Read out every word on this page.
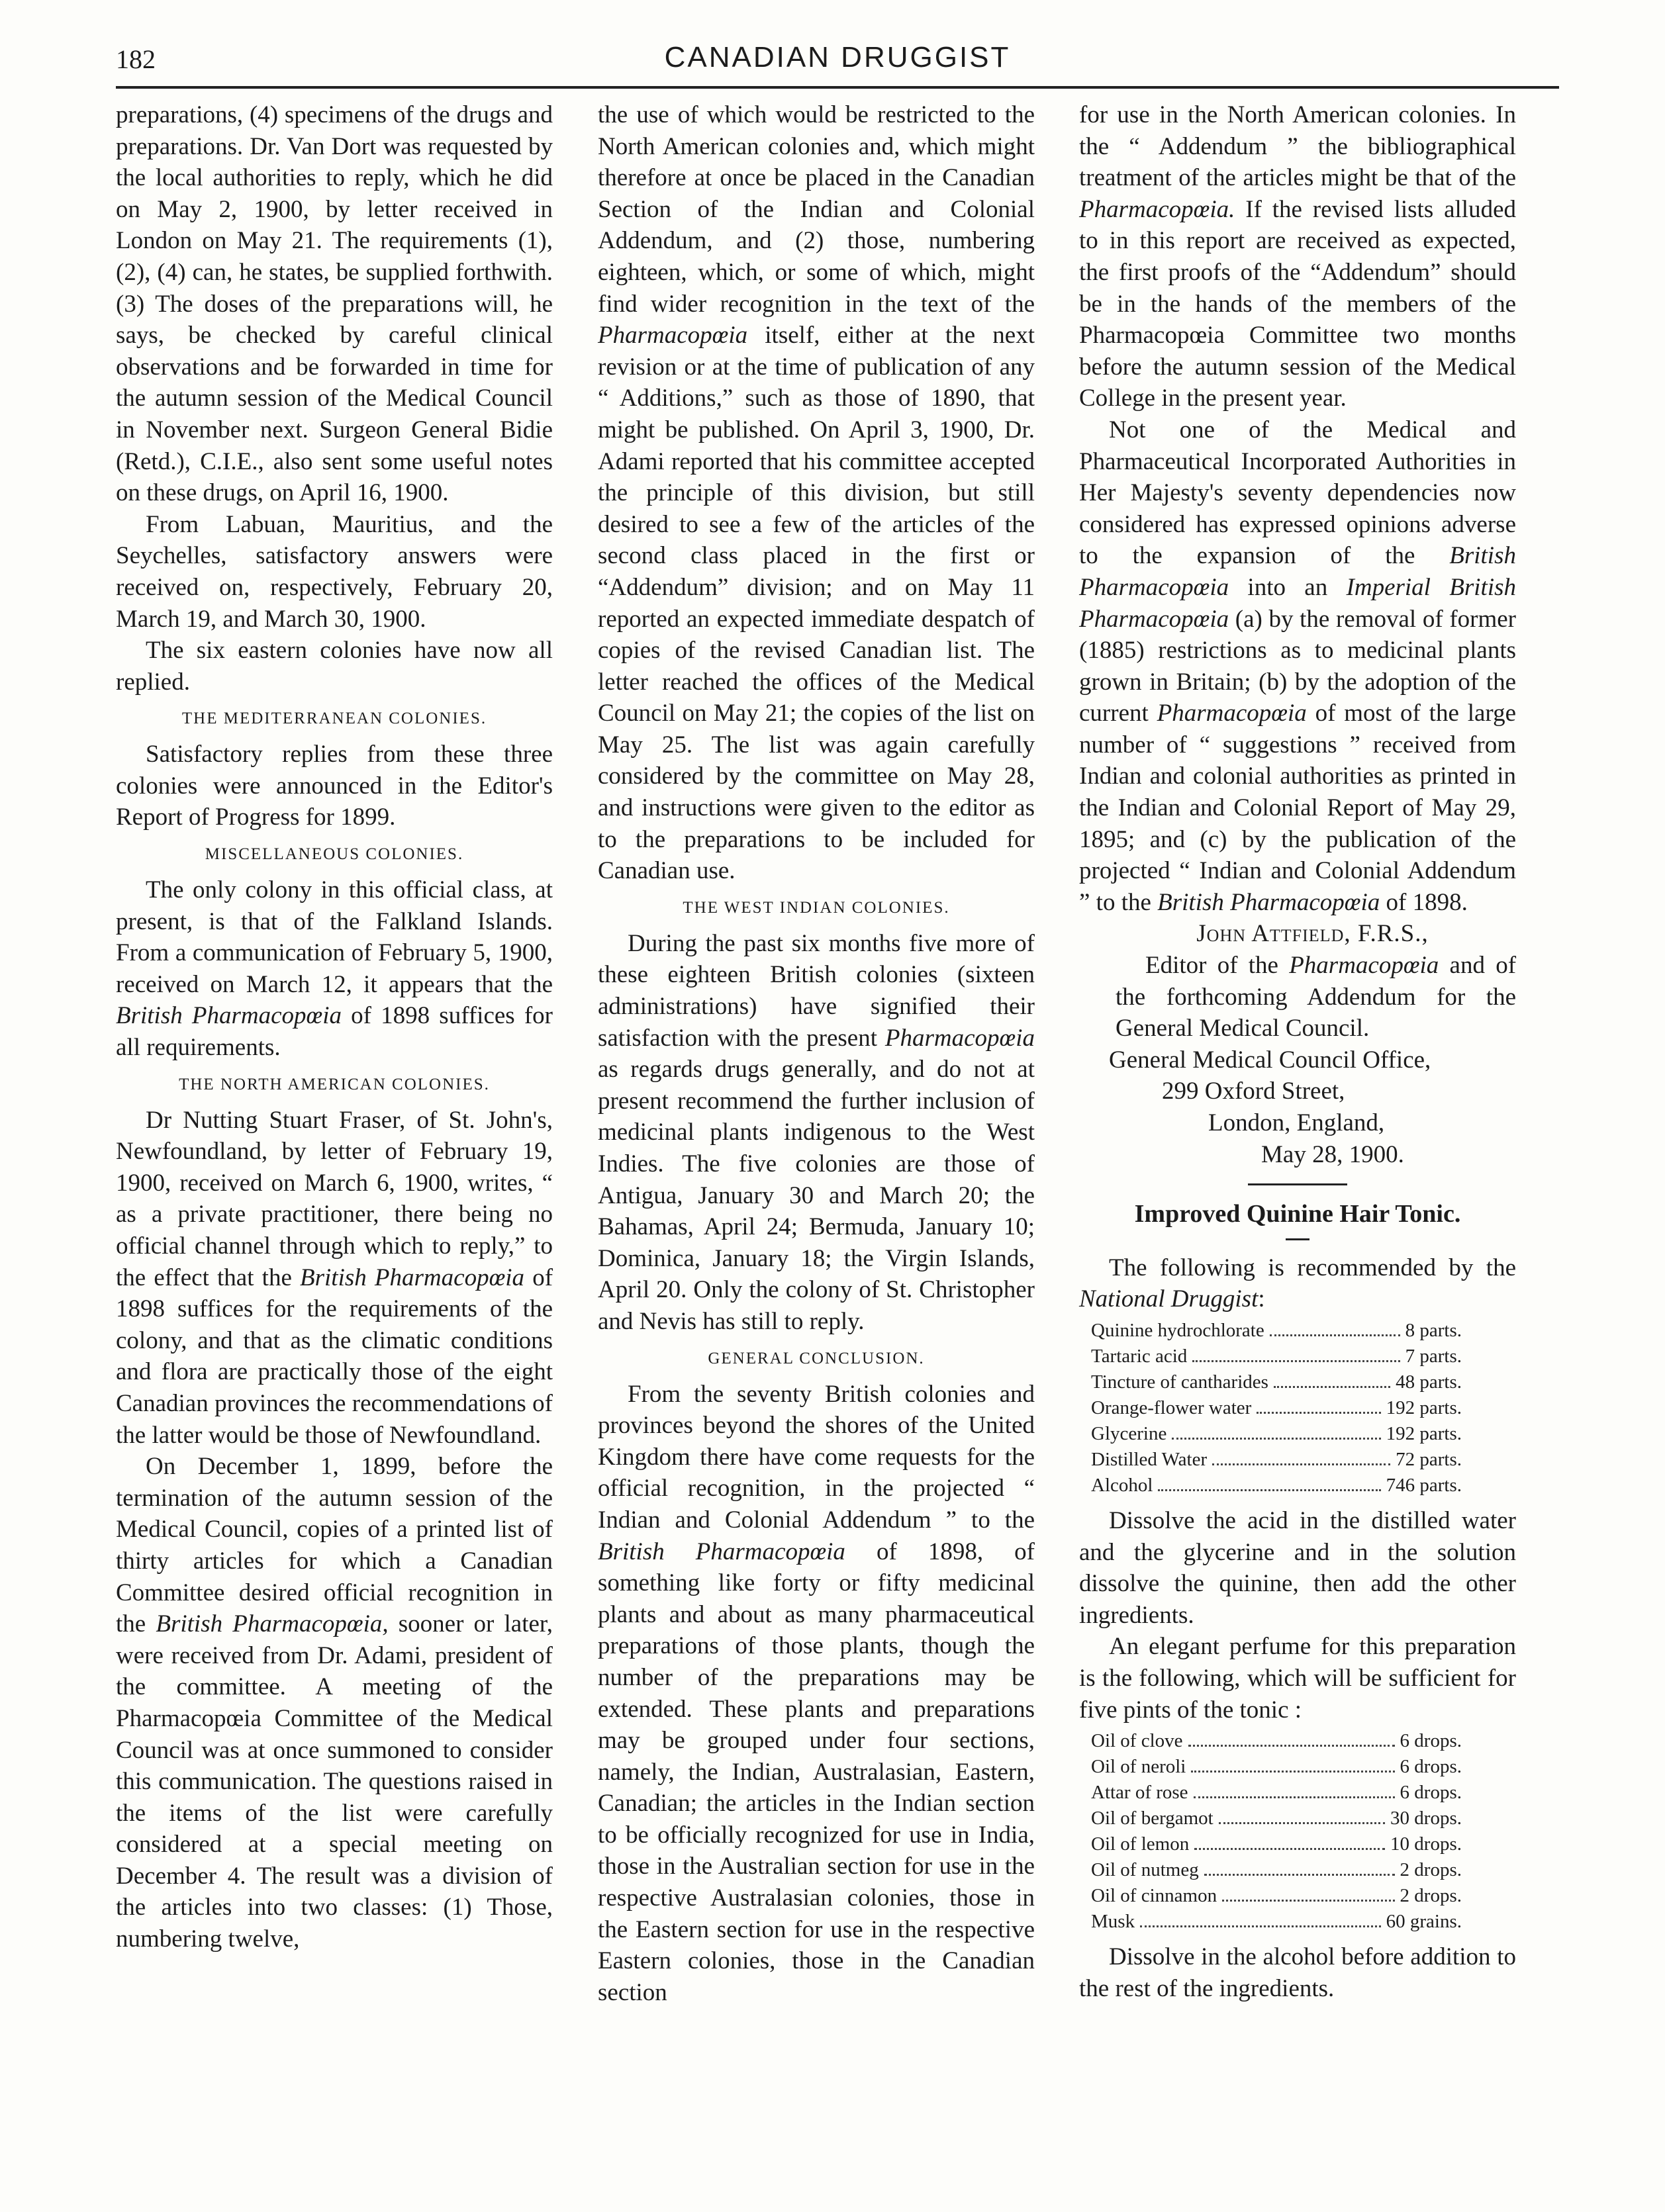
182	CANADIAN DRUGGIST

preparations, (4) specimens of the drugs and preparations. Dr. Van Dort was requested by the local authorities to reply, which he did on May 2, 1900, by letter received in London on May 21. The requirements (1), (2), (4) can, he states, be supplied forthwith. (3) The doses of the preparations will, he says, be checked by careful clinical observations and be forwarded in time for the autumn session of the Medical Council in November next. Surgeon General Bidie (Retd.), C.I.E., also sent some useful notes on these drugs, on April 16, 1900.

From Labuan, Mauritius, and the Seychelles, satisfactory answers were received on, respectively, February 20, March 19, and March 30, 1900.

The six eastern colonies have now all replied.

THE MEDITERRANEAN COLONIES.

Satisfactory replies from these three colonies were announced in the Editor's Report of Progress for 1899.

MISCELLANEOUS COLONIES.

The only colony in this official class, at present, is that of the Falkland Islands. From a communication of February 5, 1900, received on March 12, it appears that the British Pharmacopœia of 1898 suffices for all requirements.

THE NORTH AMERICAN COLONIES.

Dr Nutting Stuart Fraser, of St. John's, Newfoundland, by letter of February 19, 1900, received on March 6, 1900, writes, “ as a private practitioner, there being no official channel through which to reply,” to the effect that the British Pharmacopœia of 1898 suffices for the requirements of the colony, and that as the climatic conditions and flora are practically those of the eight Canadian provinces the recommendations of the latter would be those of Newfoundland.

On December 1, 1899, before the termination of the autumn session of the Medical Council, copies of a printed list of thirty articles for which a Canadian Committee desired official recognition in the British Pharmacopœia, sooner or later, were received from Dr. Adami, president of the committee. A meeting of the Pharmacopœia Committee of the Medical Council was at once summoned to consider this communication. The questions raised in the items of the list were carefully considered at a special meeting on December 4. The result was a division of the articles into two classes: (1) Those, numbering twelve,

the use of which would be restricted to the North American colonies and, which might therefore at once be placed in the Canadian Section of the Indian and Colonial Addendum, and (2) those, numbering eighteen, which, or some of which, might find wider recognition in the text of the Pharmacopœia itself, either at the next revision or at the time of publication of any “ Additions,” such as those of 1890, that might be published. On April 3, 1900, Dr. Adami reported that his committee accepted the principle of this division, but still desired to see a few of the articles of the second class placed in the first or “Addendum” division; and on May 11 reported an expected immediate despatch of copies of the revised Canadian list. The letter reached the offices of the Medical Council on May 21; the copies of the list on May 25. The list was again carefully considered by the committee on May 28, and instructions were given to the editor as to the preparations to be included for Canadian use.

THE WEST INDIAN COLONIES.

During the past six months five more of these eighteen British colonies (sixteen administrations) have signified their satisfaction with the present Pharmacopœia as regards drugs generally, and do not at present recommend the further inclusion of medicinal plants indigenous to the West Indies. The five colonies are those of Antigua, January 30 and March 20; the Bahamas, April 24; Bermuda, January 10; Dominica, January 18; the Virgin Islands, April 20. Only the colony of St. Christopher and Nevis has still to reply.

GENERAL CONCLUSION.

From the seventy British colonies and provinces beyond the shores of the United Kingdom there have come requests for the official recognition, in the projected “ Indian and Colonial Addendum ” to the British Pharmacopœia of 1898, of something like forty or fifty medicinal plants and about as many pharmaceutical preparations of those plants, though the number of the preparations may be extended. These plants and preparations may be grouped under four sections, namely, the Indian, Australasian, Eastern, Canadian; the articles in the Indian section to be officially recognized for use in India, those in the Australian section for use in the respective Australasian colonies, those in the Eastern section for use in the respective Eastern colonies, those in the Canadian section

for use in the North American colonies. In the “ Addendum ” the bibliographical treatment of the articles might be that of the Pharmacopœia. If the revised lists alluded to in this report are received as expected, the first proofs of the “Addendum” should be in the hands of the members of the Pharmacopœia Committee two months before the autumn session of the Medical College in the present year.

Not one of the Medical and Pharmaceutical Incorporated Authorities in Her Majesty's seventy dependencies now considered has expressed opinions adverse to the expansion of the British Pharmacopœia into an Imperial British Pharmacopœia (a) by the removal of former (1885) restrictions as to medicinal plants grown in Britain; (b) by the adoption of the current Pharmacopœia of most of the large number of “ suggestions ” received from Indian and colonial authorities as printed in the Indian and Colonial Report of May 29, 1895; and (c) by the publication of the projected “ Indian and Colonial Addendum ” to the British Pharmacopœia of 1898.

John Attfield, F.R.S.,

Editor of the Pharmacopœia and of the forthcoming Addendum for the General Medical Council.

General Medical Council Office,

299 Oxford Street,

London, England,

May 28, 1900.

Improved Quinine Hair Tonic.

The following is recommended by the National Druggist:

Quinine hydrochlorate	8 parts.
Tartaric acid	7 parts.
Tincture of cantharides	48 parts.
Orange-flower water	192 parts.
Glycerine	192 parts.
Distilled Water	72 parts.
Alcohol	746 parts.

Dissolve the acid in the distilled water and the glycerine and in the solution dissolve the quinine, then add the other ingredients.

An elegant perfume for this preparation is the following, which will be sufficient for five pints of the tonic :

Oil of clove	6 drops.
Oil of neroli	6 drops.
Attar of rose	6 drops.
Oil of bergamot	30 drops.
Oil of lemon	10 drops.
Oil of nutmeg	2 drops.
Oil of cinnamon	2 drops.
Musk	60 grains.

Dissolve in the alcohol before addition to the rest of the ingredients.
